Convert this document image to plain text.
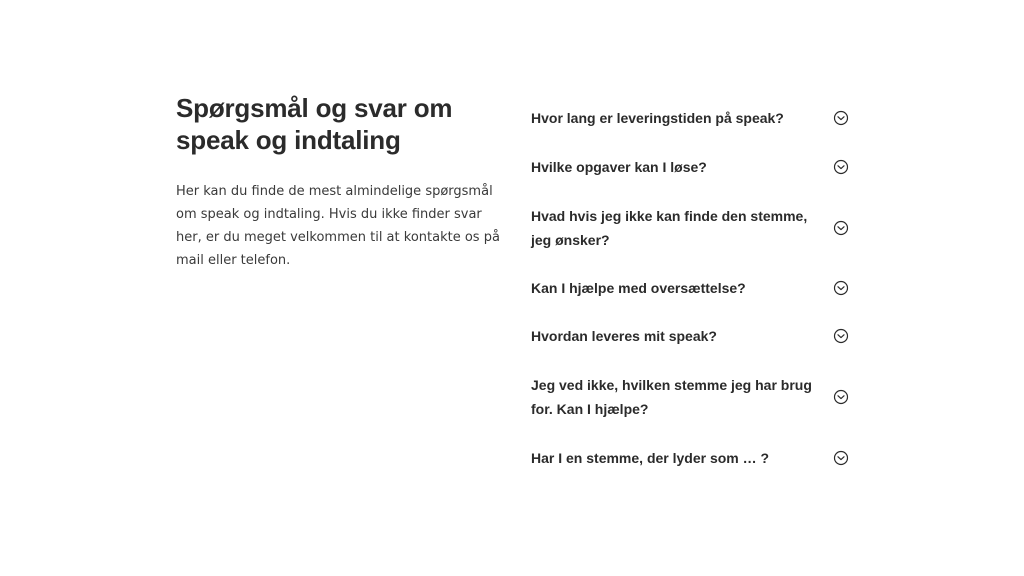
Spørgsmål og svar om speak og indtaling

Her kan du finde de mest almindelige spørgsmål om speak og indtaling. Hvis du ikke finder svar her, er du meget velkommen til at kontakte os på mail eller telefon.

Hvor lang er leveringstiden på speak?
Hvilke opgaver kan I løse?
Hvad hvis jeg ikke kan finde den stemme, jeg ønsker?
Kan I hjælpe med oversættelse?
Hvordan leveres mit speak?
Jeg ved ikke, hvilken stemme jeg har brug for. Kan I hjælpe?
Har I en stemme, der lyder som … ?
